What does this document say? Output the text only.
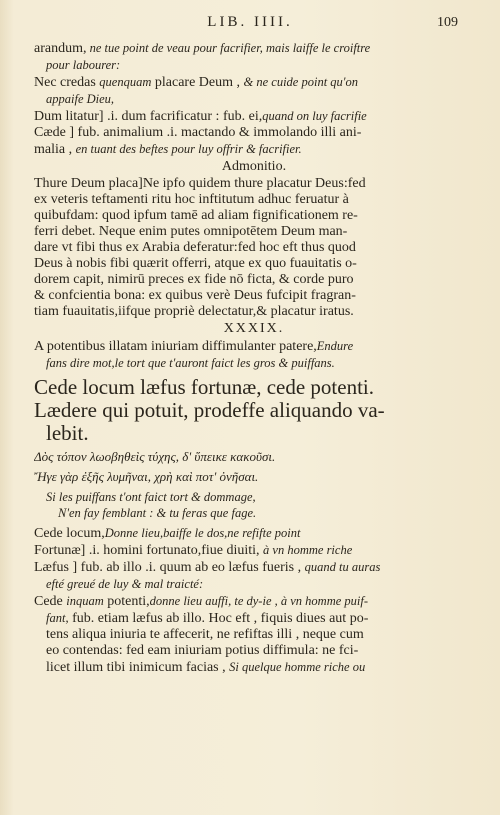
LIB. IIII.	109
arandum, ne tue point de veau pour facrifier, mais laiffe le croiftre
pour labourer:
Nec credas quenquam placare Deum , & ne cuide point qu'on
appaife Dieu,
Dum litatur] .i. dum facrificatur : fub. ei,quand on luy facrifie
Cæde ] fub. animalium .i. mactando & immolando illi ani-
malia , en tuant des beftes pour luy offrir & facrifier.
Admonitio.
Thure Deum placa]Ne ipfo quidem thure placatur Deus:fed
ex veteris teftamenti ritu hoc inftitutum adhuc feruatur à
quibufdam: quod ipfum tamē ad aliam fignificationem re-
ferri debet. Neque enim putes omnipotētem Deum man-
dare vt fibi thus ex Arabia deferatur:fed hoc eft thus quod
Deus à nobis fibi quærit offerri, atque ex quo fuauitatis o-
dorem capit, nimirū preces ex fide nō ficta, & corde puro
& confcientia bona: ex quibus verè Deus fufcipit fragran-
tiam fuauitatis,iifque propriè delectatur,& placatur iratus.
XXXIX.
A potentibus illatam iniuriam diffimulanter patere,Endure
fans dire mot,le tort que t'auront faict les gros & puiffans.
Cede locum læfus fortunæ, cede potenti.
Lædere qui potuit, prodeffe aliquando va-
lebit.
Δὸς τόπον λωοβηθεὶς τύχης, δ' ὕπεικε κακοῦσι.
Ἤγε γὰρ ἐξῆς λυμῆναι, χρὴ καὶ ποτ' ὀνῆσαι.
Si les puiffans t'ont faict tort & dommage,
N'en fay femblant : & tu feras que fage.
Cede locum,Donne lieu,baiffe le dos,ne refifte point
Fortunæ] .i. homini fortunato,fiue diuiti, à vn homme riche
Læfus ] fub. ab illo .i. quum ab eo læfus fueris , quand tu auras
efté greué de luy & mal traicté:
Cede inquam potenti,donne lieu auffi, te dy-ie , à vn homme puif-
fant, fub. etiam læfus ab illo. Hoc eft , fiquis diues aut po-
tens aliqua iniuria te affecerit, ne refiftas illi , neque cum
eo contendas: fed eam iniuriam potius diffimula: ne fci-
licet illum tibi inimicum facias , Si quelque homme riche ou
